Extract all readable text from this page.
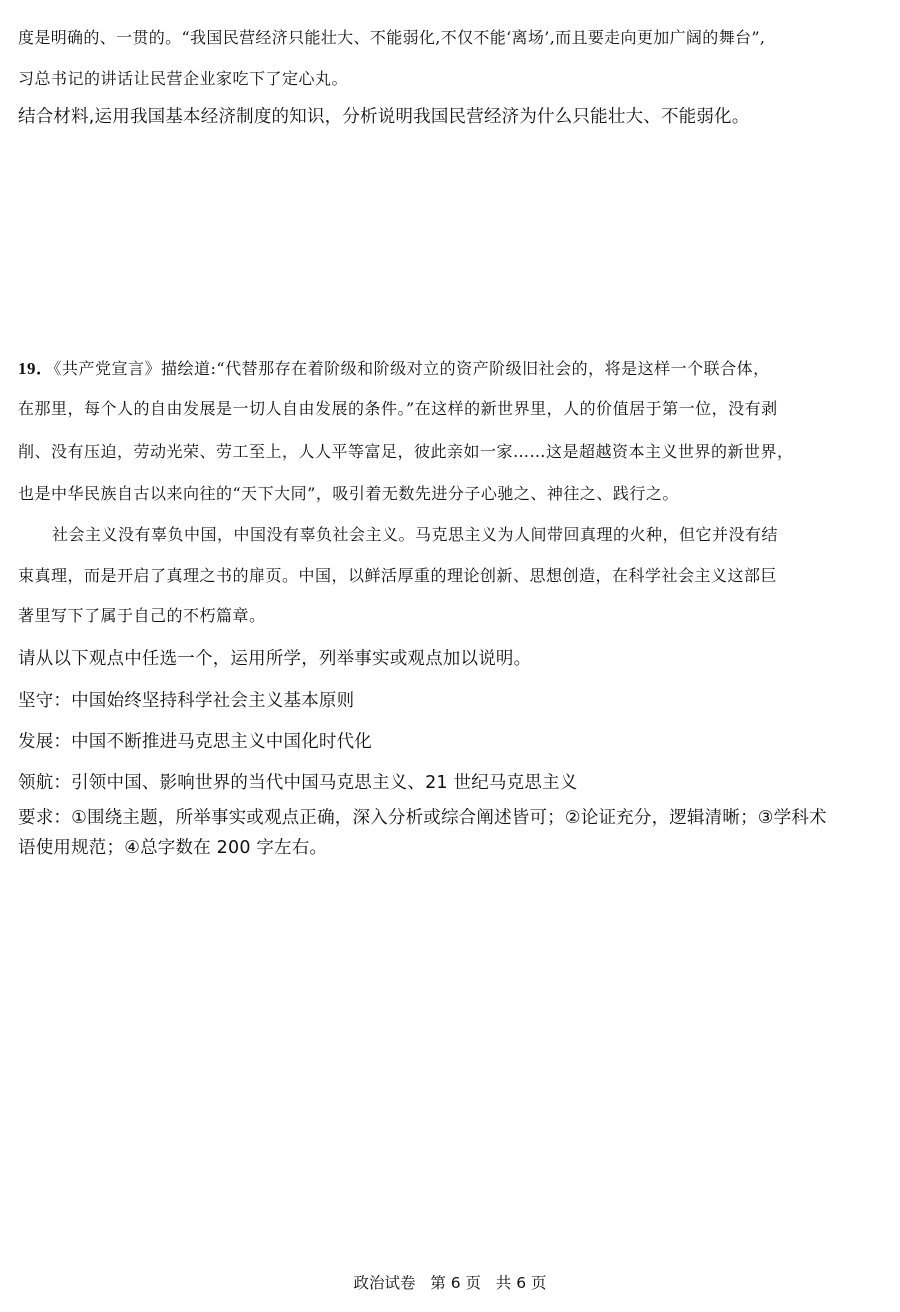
度是明确的、一贯的。“我国民营经济只能壮大、不能弱化,不仅不能‘离场’,而且要走向更加广阔的舞台”,
习总书记的讲话让民营企业家吃下了定心丸。
结合材料,运用我国基本经济制度的知识，分析说明我国民营经济为什么只能壮大、不能弱化。
19．《共产党宣言》描绘道:“代替那存在着阶级和阶级对立的资产阶级旧社会的，将是这样一个联合体，
在那里，每个人的自由发展是一切人自由发展的条件。”在这样的新世界里，人的价值居于第一位，没有剥
削、没有压迫，劳动光荣、劳工至上，人人平等富足，彼此亲如一家……这是超越资本主义世界的新世界，
也是中华民族自古以来向往的“天下大同”，吸引着无数先进分子心驰之、神往之、践行之。
社会主义没有辜负中国，中国没有辜负社会主义。马克思主义为人间带回真理的火种，但它并没有结
束真理，而是开启了真理之书的扉页。中国，以鲜活厚重的理论创新、思想创造，在科学社会主义这部巨
著里写下了属于自己的不朽篇章。
请从以下观点中任选一个，运用所学，列举事实或观点加以说明。
坚守：中国始终坚持科学社会主义基本原则
发展：中国不断推进马克思主义中国化时代化
领航：引领中国、影响世界的当代中国马克思主义、21 世纪马克思主义
要求：①围绕主题，所举事实或观点正确，深入分析或综合阐述皆可；②论证充分，逻辑清晰；③学科术
语使用规范；④总字数在 200 字左右。
政治试卷   第 6 页   共 6 页
